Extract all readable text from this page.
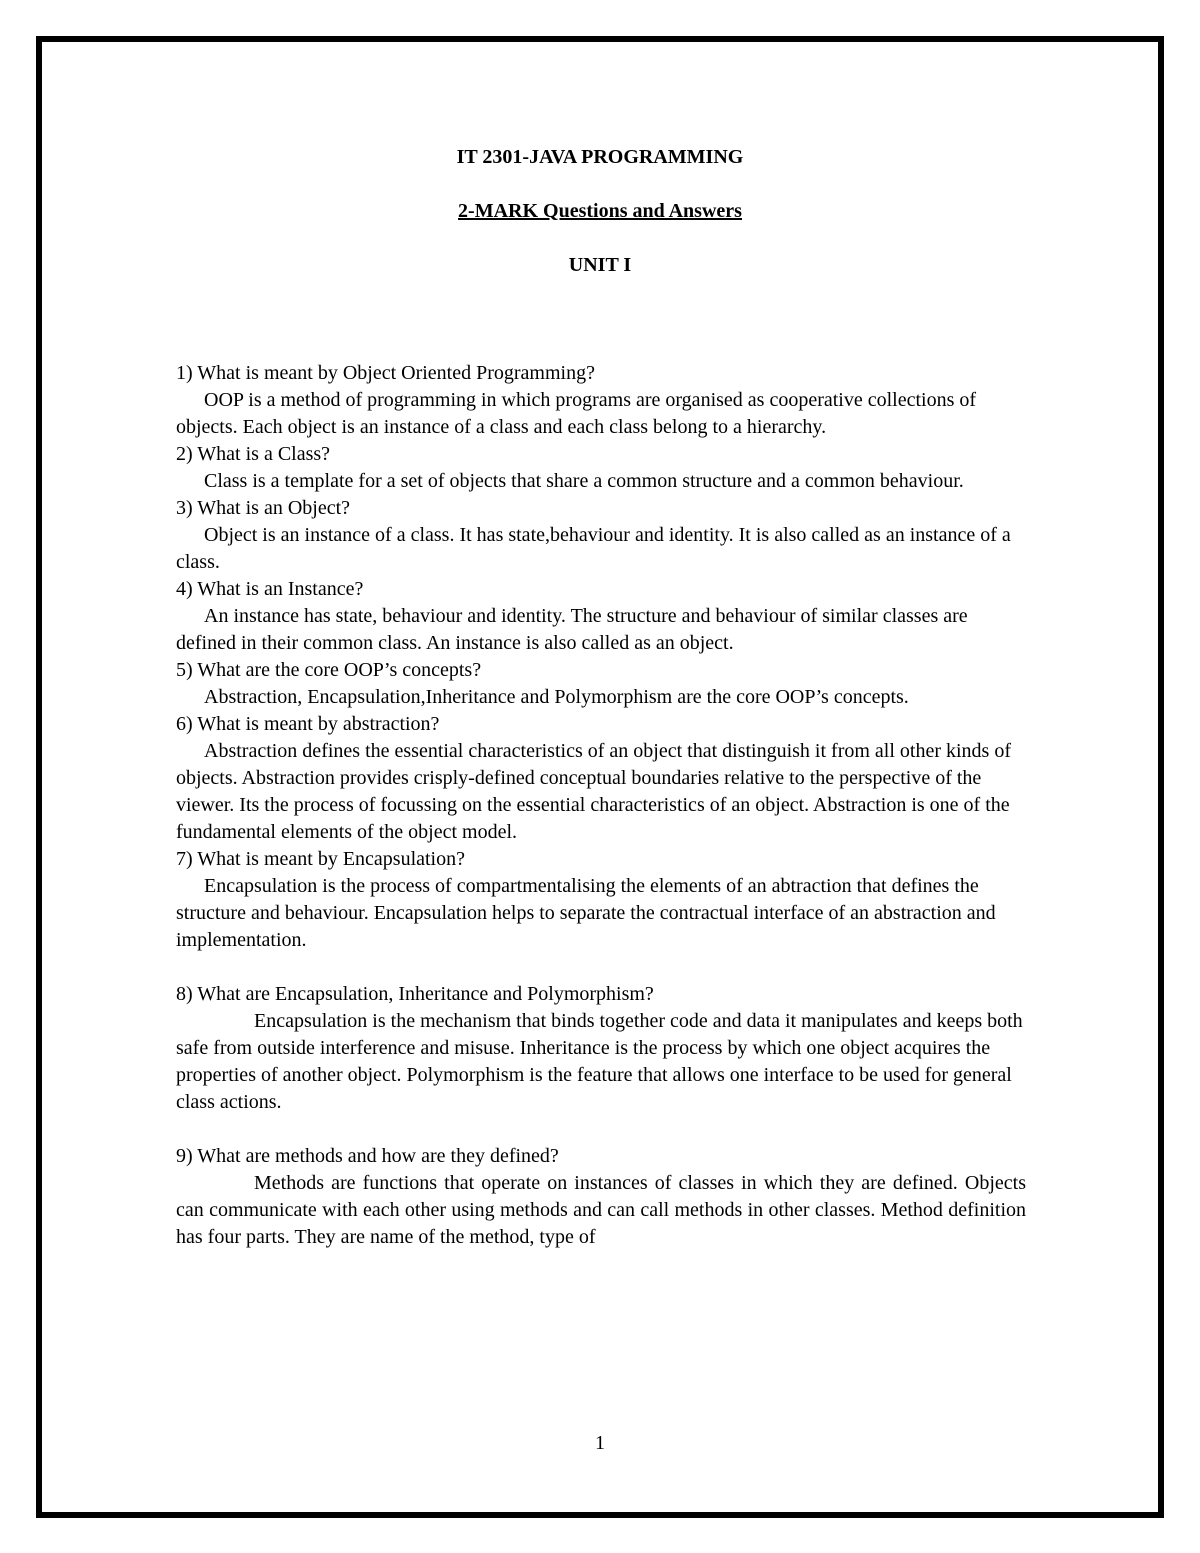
IT 2301-JAVA PROGRAMMING
2-MARK Questions and Answers
UNIT I

1) What is meant by Object Oriented Programming?

OOP is a method of programming in which programs are organised as cooperative collections of objects. Each object is an instance of a class and each class belong to a hierarchy.

2) What is a Class?

Class is a template for a set of objects that share a common structure and a common behaviour.

3) What is an Object?

Object is an instance of a class. It has state,behaviour and identity. It is also called as an instance of a class.

4) What is an Instance?

An instance has state, behaviour and identity. The structure and behaviour of similar classes are defined in their common class. An instance is also called as an object.

5) What are the core OOP’s concepts?

Abstraction, Encapsulation,Inheritance and Polymorphism are the core OOP’s concepts.

6) What is meant by abstraction?

Abstraction defines the essential characteristics of an object that distinguish it from all other kinds of objects. Abstraction provides crisply-defined conceptual boundaries relative to the perspective of the viewer. Its the process of focussing on the essential characteristics of an object. Abstraction is one of the fundamental elements of the object model.

7) What is meant by Encapsulation?

Encapsulation is the process of compartmentalising the elements of an abtraction that defines the structure and behaviour. Encapsulation helps to separate the contractual interface of an abstraction and implementation.

8) What are Encapsulation, Inheritance and Polymorphism?

Encapsulation is the mechanism that binds together code and data it manipulates and keeps both safe from outside interference and misuse. Inheritance is the process by which one object acquires the properties of another object. Polymorphism is the feature that allows one interface to be used for general class actions.

9) What are methods and how are they defined?

Methods are functions that operate on instances of classes in which they are defined. Objects can communicate with each other using methods and can call methods in other classes. Method definition has four parts. They are name of the method, type of

1
